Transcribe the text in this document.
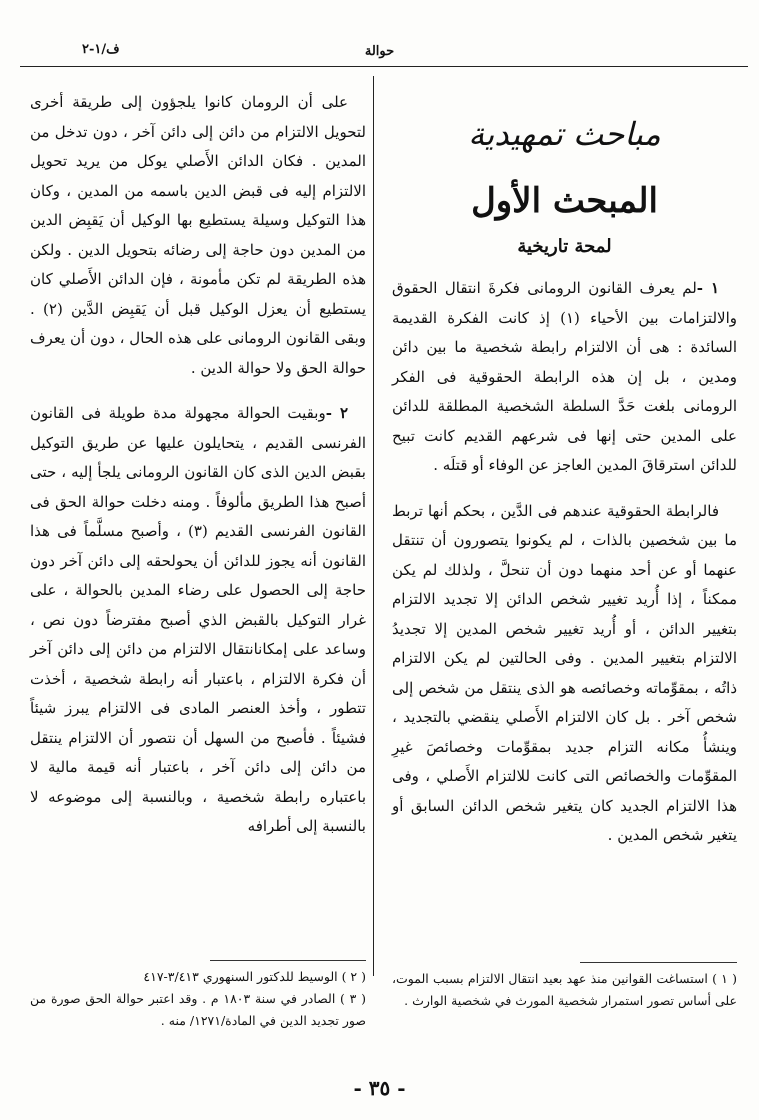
حوالة
ف/١-٢
مباحث تمهيدية
المبحث الأول
لمحة تاريخية

١ -لم يعرف القانون الرومانى فكرةَ انتقال الحقوق والالتزامات بين الأحياء (١) إذ كانت الفكرة القديمة السائدة : هى أن الالتزام رابطة شخصية ما بين دائن ومدين ، بل إن هذه الرابطة الحقوقية فى الفكر الرومانى بلغت حَدَّ السلطة الشخصية المطلقة للدائن على المدين حتى إنها فى شرعهم القديم كانت تبيح للدائن استرقاقَ المدين العاجز عن الوفاء أو قتلَه .

فالرابطة الحقوقية عندهم فى الدَّين ، بحكم أنها تربط ما بين شخصين بالذات ، لم يكونوا يتصورون أن تنتقل عنهما أو عن أحد منهما دون أن تنحلَّ ، ولذلك لم يكن ممكناً ، إذا أُريد تغيير شخص الدائن إلا تجديد الالتزام بتغيير الدائن ، أو أُريد تغيير شخص المدين إلا تجديدُ الالتزام بتغيير المدين . وفى الحالتين لم يكن الالتزام ذاتُه ، بمقوِّماته وخصائصه هو الذى ينتقل من شخص إلى شخص آخر . بل كان الالتزام الأَصلي ينقضي بالتجديد ، وينشأُ مكانه التزام جديد بمقوِّمات وخصائصَ غيرِ المقوِّمات والخصائص التى كانت للالتزام الأَصلي ، وفى هذا الالتزام الجديد كان يتغير شخص الدائن السابق أو يتغير شخص المدين .

على أن الرومان كانوا يلجؤون إلى طريقة أخرى لتحويل الالتزام من دائن إلى دائن آخر ، دون تدخل من المدين . فكان الدائن الأَصلي يوكل من يريد تحويل الالتزام إليه فى قبض الدين باسمه من المدين ، وكان هذا التوكيل وسيلة يستطيع بها الوكيل أن يَقبِض الدين من المدين دون حاجة إلى رضائه بتحويل الدين . ولكن هذه الطريقة لم تكن مأمونة ، فإن الدائن الأَصلي كان يستطيع أن يعزل الوكيل قبل أن يَقبِض الدَّين (٢) . وبقى القانون الرومانى على هذه الحال ، دون أن يعرف حوالة الحق ولا حوالة الدين .

٢ -وبقيت الحوالة مجهولة مدة طويلة فى القانون الفرنسى القديم ، يتحايلون عليها عن طريق التوكيل بقبض الدين الذى كان القانون الرومانى يلجأ إليه ، حتى أصبح هذا الطريق مألوفاً . ومنه دخلت حوالة الحق فى القانون الفرنسى القديم (٣) ، وأصبح مسلَّماً فى هذا القانون أنه يجوز للدائن أن يحولحقه إلى دائن آخر دون حاجة إلى الحصول على رضاء المدين بالحوالة ، على غرار التوكيل بالقبض الذي أصبح مفترضاً دون نص ، وساعد على إمكانانتقال الالتزام من دائن إلى دائن آخر أن فكرة الالتزام ، باعتبار أنه رابطة شخصية ، أخذت تتطور ، وأخذ العنصر المادى فى الالتزام يبرز شيئاً فشيئاً . فأصبح من السهل أن نتصور أن الالتزام ينتقل من دائن إلى دائن آخر ، باعتبار أنه قيمة مالية لا باعتباره رابطة شخصية ، وبالنسبة إلى موضوعه لا بالنسبة إلى أطرافه

( ٢ ) الوسيط للدكتور السنهوري ٣/٤١٣-٤١٧

( ٣ ) الصادر في سنة ١٨٠٣ م . وقد اعتبر حوالة الحق صورة من صور تجديد الدين في المادة/١٢٧١/ منه .

( ١ ) استساغت القوانين منذ عهد بعيد انتقال الالتزام بسبب الموت، على أساس تصور استمرار شخصية المورث في شخصية الوارث .

- ٣٥ -
